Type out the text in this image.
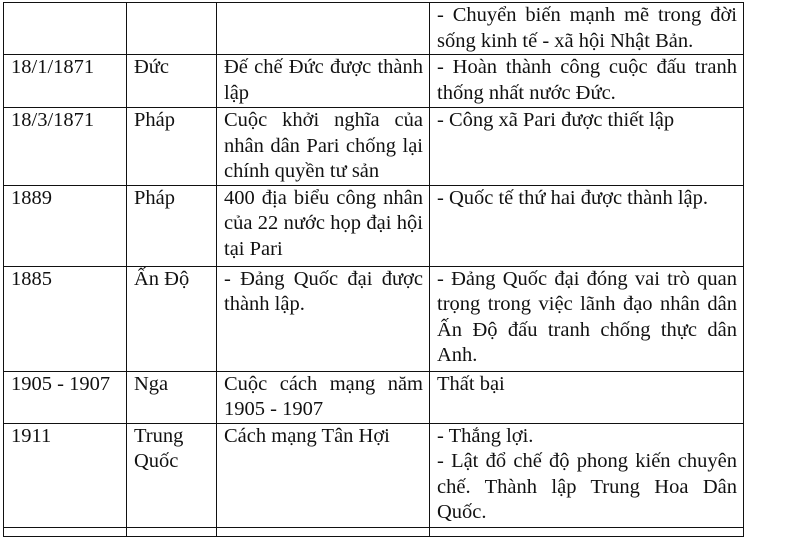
			- Chuyển biến mạnh mẽ trong đời sống kinh tế - xã hội Nhật Bản.

18/1/1871	Đức	Đế chế Đức được thành lập	- Hoàn thành công cuộc đấu tranh thống nhất nước Đức.

18/3/1871	Pháp	Cuộc khởi nghĩa của nhân dân Pari chống lại chính quyền tư sản	- Công xã Pari được thiết lập

1889	Pháp	400 địa biểu công nhân của 22 nước họp đại hội tại Pari	- Quốc tế thứ hai được thành lập.

1885	Ấn Độ	- Đảng Quốc đại được thành lập.	- Đảng Quốc đại đóng vai trò quan trọng trong việc lãnh đạo nhân dân Ấn Độ đấu tranh chống thực dân Anh.

1905 - 1907	Nga	Cuộc cách mạng năm 1905 - 1907	Thất bại

1911	Trung Quốc	Cách mạng Tân Hợi	- Thắng lợi.
- Lật đổ chế độ phong kiến chuyên chế. Thành lập Trung Hoa Dân Quốc.
